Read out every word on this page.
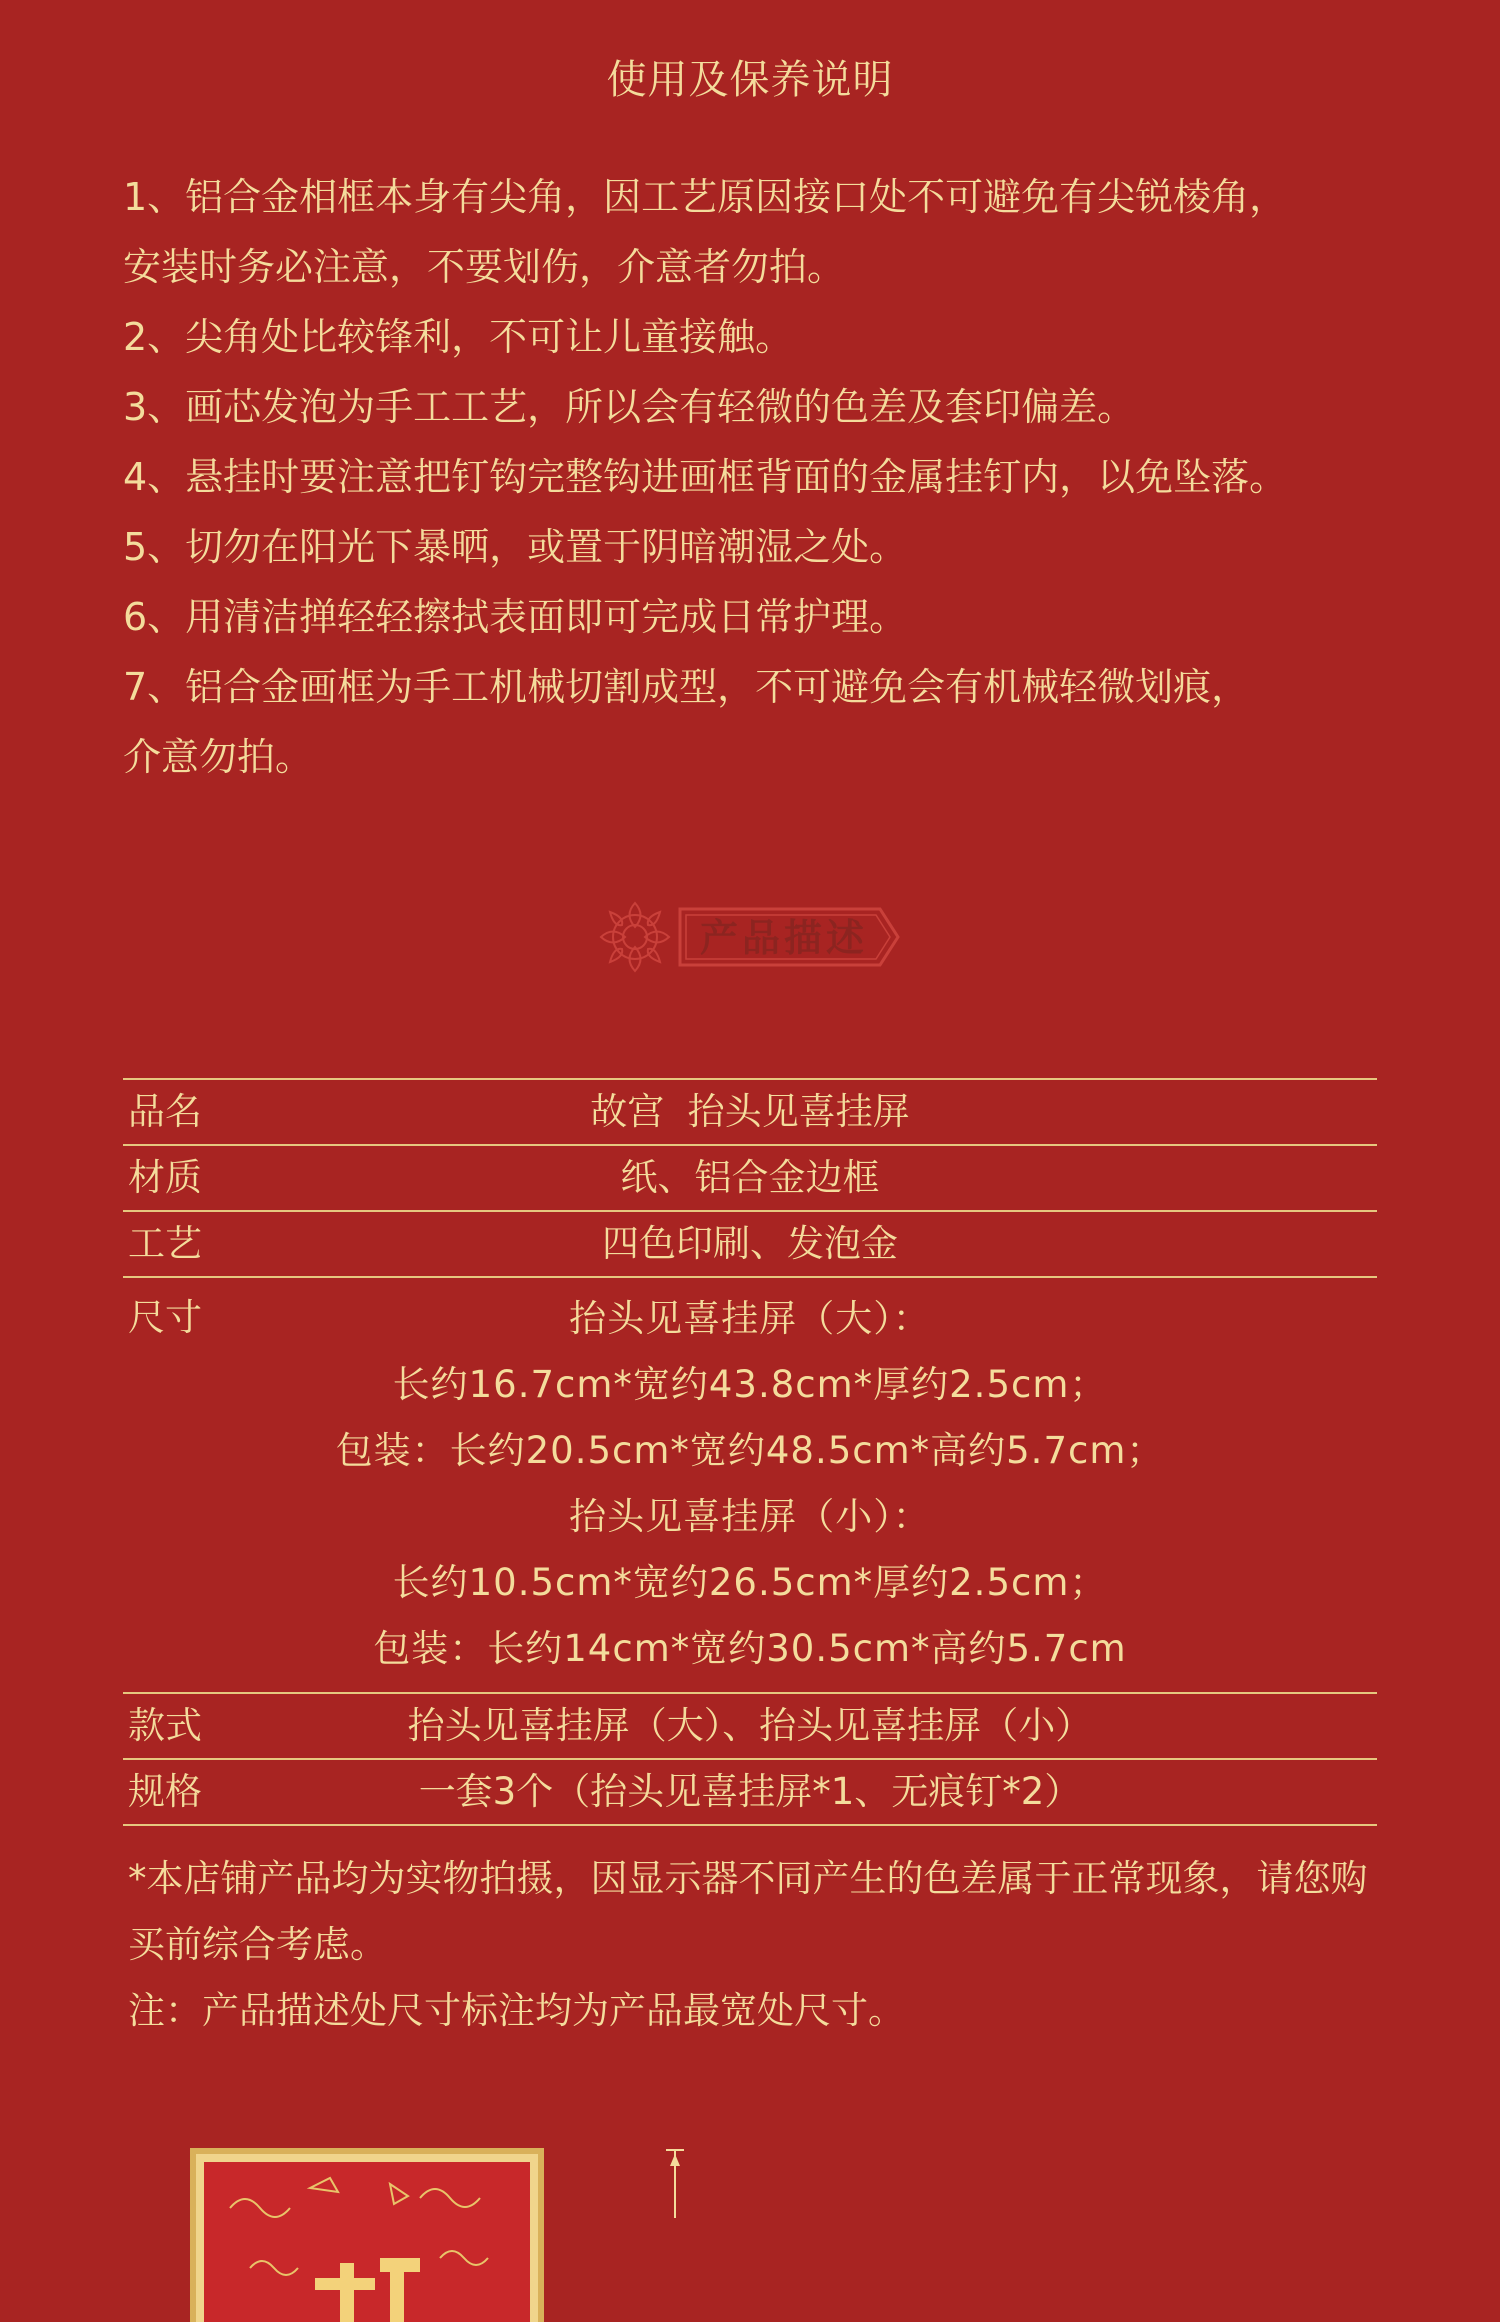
使用及保养说明

1、铝合金相框本身有尖角，因工艺原因接口处不可避免有尖锐棱角，

安装时务必注意，不要划伤，介意者勿拍。

2、尖角处比较锋利，不可让儿童接触。

3、画芯发泡为手工工艺，所以会有轻微的色差及套印偏差。

4、悬挂时要注意把钉钩完整钩进画框背面的金属挂钉内，以免坠落。

5、切勿在阳光下暴晒，或置于阴暗潮湿之处。

6、用清洁掸轻轻擦拭表面即可完成日常护理。

7、铝合金画框为手工机械切割成型，不可避免会有机械轻微划痕，

介意勿拍。

产品描述
品名	故宫  抬头见喜挂屏
材质	纸、铝合金边框
工艺	四色印刷、发泡金
尺寸	抬头见喜挂屏（大）：
长约16.7cm*宽约43.8cm*厚约2.5cm；
包装：长约20.5cm*宽约48.5cm*高约5.7cm；
抬头见喜挂屏（小）：
长约10.5cm*宽约26.5cm*厚约2.5cm；
包装：长约14cm*宽约30.5cm*高约5.7cm
款式	抬头见喜挂屏（大）、抬头见喜挂屏（小）
规格	一套3个（抬头见喜挂屏*1、无痕钉*2）

*本店铺产品均为实物拍摄，因显示器不同产生的色差属于正常现象，请您购

买前综合考虑。

注：产品描述处尺寸标注均为产品最宽处尺寸。
